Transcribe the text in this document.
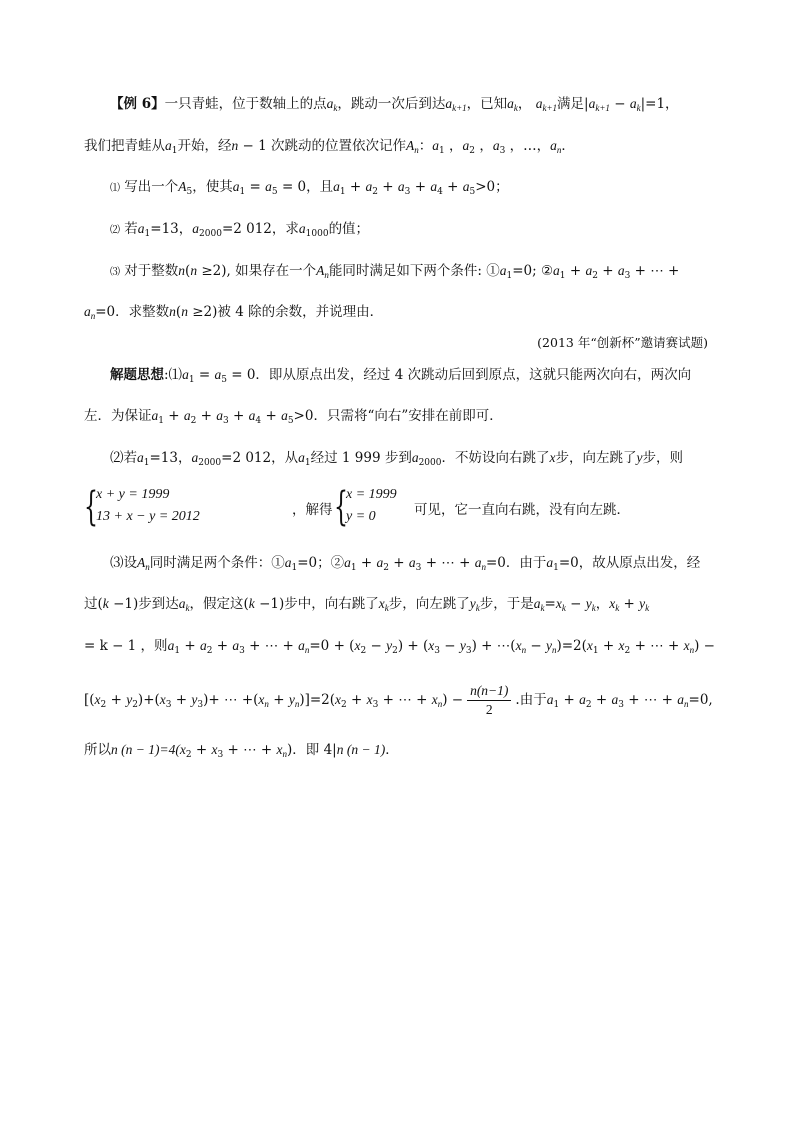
【例 6】一只青蛙，位于数轴上的点$a_k$，跳动一次后到达$a_{k+1}$，已知$a_k$， $a_{k+1}$满足$|a_{k+1} - a_k|=1$，
我们把青蛙从$a_1$开始，经n − 1 次跳动的位置依次记作$A_n$：$a_1$ ，$a_2$ ，$a_3$ ，…，$a_n$．
⑴ 写出一个$A_5$，使其$a_1 = a_5 = 0$，且$a_1 + a_2 + a_3 + a_4 + a_5>0$；
⑵ 若$a_1=13$，$a_{2000}=2$ 012，求$a_{1000}$的值；
⑶ 对于整数n(n ≥2), 如果存在一个$A_n$能同时满足如下两个条件: $①a_1=0$; $②a_1 + a_2 + a_3$ + ⋯ +
$a_n=0$．求整数n(n ≥2)被 4 除的余数，并说理由．
(2013 年“创新杯”邀请赛试题)
解题思想$:⑴a_1 = a_5 = 0$．即从原点出发，经过 4 次跳动后回到原点，这就只能两次向右，两次向
左．为保证$a_1 + a_2 + a_3 + a_4 + a_5>0$．只需将“向右”安排在前即可．
⑵若$a_1=13$，$a_{2000}=2$ 012，从$a_1$经过 1 999 步到$a_{2000}$．不妨设向右跳了x步，向左跳了y步，则
{
x + y = 1999
13 + x − y = 2012	，解得 {
x = 1999
y = 0	可见，它一直向右跳，没有向左跳．
⑶设$A_n$同时满足两个条件：$①a_1=0$；$②a_1 + a_2 + a_3$ + ⋯ + $a_n=0$．由于$a_1=0$，故从原点出发，经
过(k −1)步到达$a_k$，假定这(k −1)步中，向右跳了$x_k$步，向左跳了$y_k$步，于是$a_k=x_k - y_k$，$x_k + y_k$
= k − 1 ，则$a_1 + a_2 + a_3$ + ⋯ + $a_n=0 + (x_2 - y_2) + (x_3 - y_3)$ + $\cdots(x_n - y_n)=2(x_1 + x_2$ + ⋯ + $x_n$) −
[$(x_2 + y_2)+(x_3 + y_3)+$ ⋯ $+(x_n + y_n)]=2(x_2 + x_3$ + ⋯ + $x_n) - \frac{n(n-1)}{2}$ .由于$a_1 + a_2 + a_3$ + ⋯ + $a_n=0$,
所以n $(n - 1)=4(x_2 + x_3$ + ⋯ + $x_n$)．即 4|n (n − 1)．
